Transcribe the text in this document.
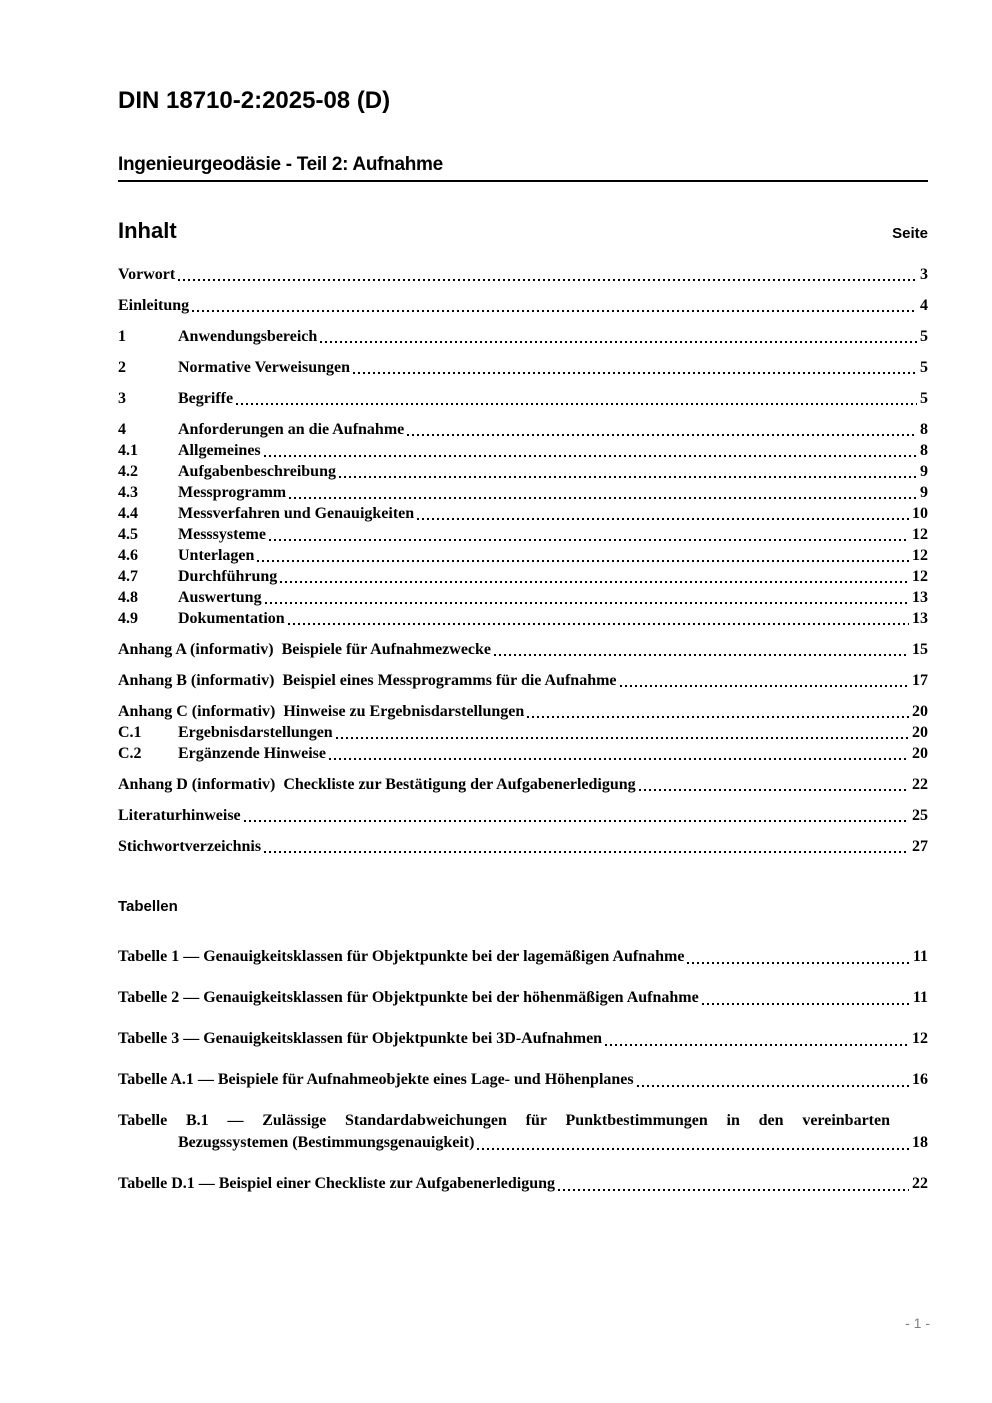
DIN 18710-2:2025-08 (D)
Ingenieurgeodäsie - Teil 2: Aufnahme
Inhalt	Seite
Vorwort	3
Einleitung	4
1	Anwendungsbereich	5
2	Normative Verweisungen	5
3	Begriffe	5
4	Anforderungen an die Aufnahme	8
4.1	Allgemeines	8
4.2	Aufgabenbeschreibung	9
4.3	Messprogramm	9
4.4	Messverfahren und Genauigkeiten	10
4.5	Messsysteme	12
4.6	Unterlagen	12
4.7	Durchführung	12
4.8	Auswertung	13
4.9	Dokumentation	13
Anhang A (informativ) Beispiele für Aufnahmezwecke	15
Anhang B (informativ) Beispiel eines Messprogramms für die Aufnahme	17
Anhang C (informativ) Hinweise zu Ergebnisdarstellungen	20
C.1	Ergebnisdarstellungen	20
C.2	Ergänzende Hinweise	20
Anhang D (informativ) Checkliste zur Bestätigung der Aufgabenerledigung	22
Literaturhinweise	25
Stichwortverzeichnis	27
Tabellen
Tabelle 1 — Genauigkeitsklassen für Objektpunkte bei der lagemäßigen Aufnahme	11
Tabelle 2 — Genauigkeitsklassen für Objektpunkte bei der höhenmäßigen Aufnahme	11
Tabelle 3 — Genauigkeitsklassen für Objektpunkte bei 3D-Aufnahmen	12
Tabelle A.1 — Beispiele für Aufnahmeobjekte eines Lage- und Höhenplanes	16
Tabelle B.1 — Zulässige Standardabweichungen für Punktbestimmungen in den vereinbarten
Bezugssystemen (Bestimmungsgenauigkeit)	18
Tabelle D.1 — Beispiel einer Checkliste zur Aufgabenerledigung	22
- 1 -
